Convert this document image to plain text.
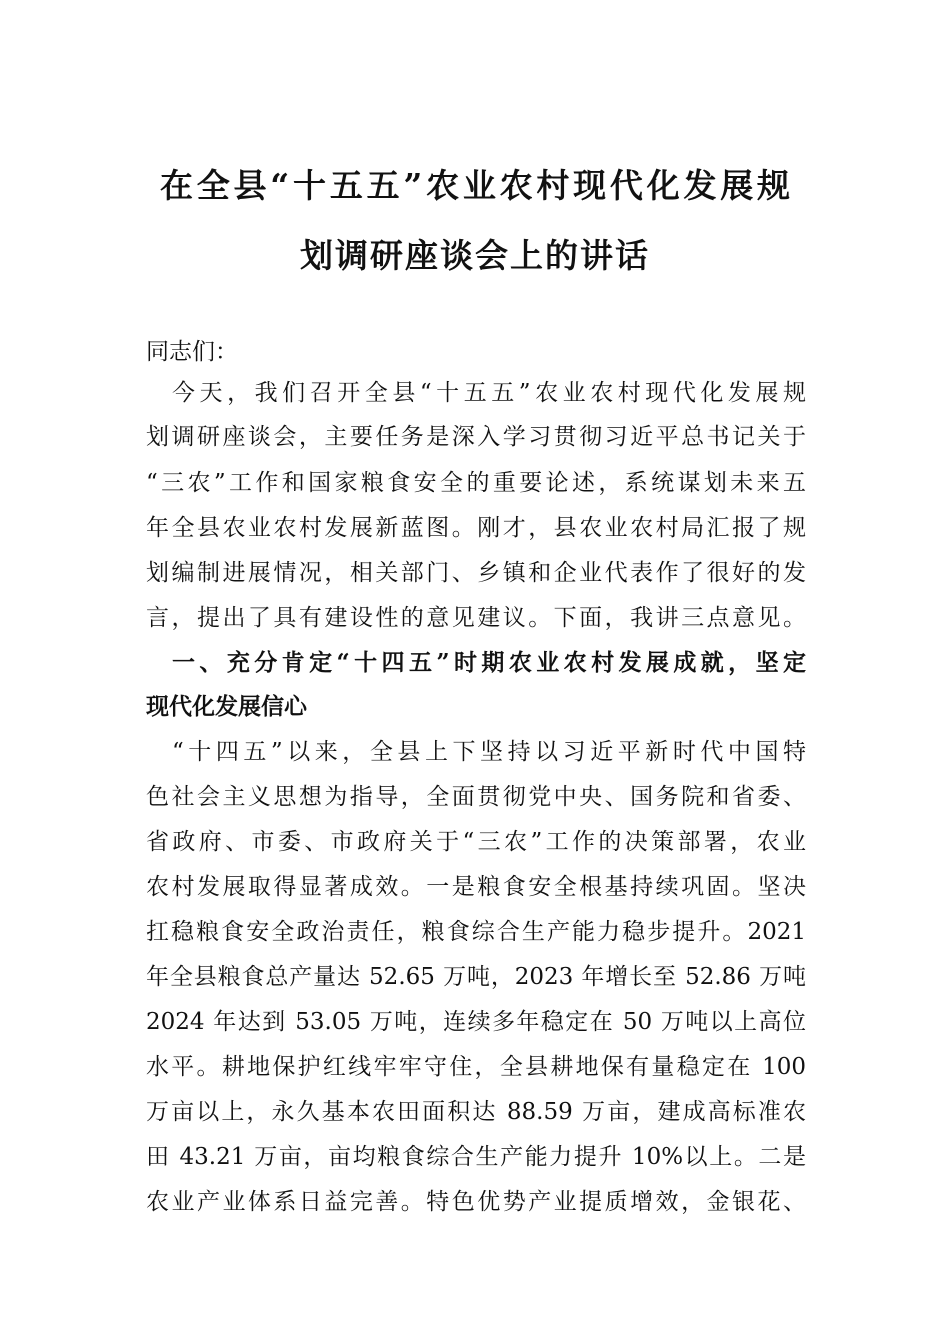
在全县“十五五”农业农村现代化发展规
划调研座谈会上的讲话
同志们：
今天，我们召开全县“十五五”农业农村现代化发展规
划调研座谈会，主要任务是深入学习贯彻习近平总书记关于
“三农”工作和国家粮食安全的重要论述，系统谋划未来五
年全县农业农村发展新蓝图。刚才，县农业农村局汇报了规
划编制进展情况，相关部门、乡镇和企业代表作了很好的发
言，提出了具有建设性的意见建议。下面，我讲三点意见。
一、充分肯定“十四五”时期农业农村发展成就，坚定
现代化发展信心
“十四五”以来，全县上下坚持以习近平新时代中国特
色社会主义思想为指导，全面贯彻党中央、国务院和省委、
省政府、市委、市政府关于“三农”工作的决策部署，农业
农村发展取得显著成效。一是粮食安全根基持续巩固。坚决
扛稳粮食安全政治责任，粮食综合生产能力稳步提升。2021
年全县粮食总产量达 52.65 万吨，2023 年增长至 52.86 万吨
2024 年达到 53.05 万吨，连续多年稳定在 50 万吨以上高位
水平。耕地保护红线牢牢守住，全县耕地保有量稳定在 100
万亩以上，永久基本农田面积达 88.59 万亩，建成高标准农
田 43.21 万亩，亩均粮食综合生产能力提升 10%以上。二是
农业产业体系日益完善。特色优势产业提质增效，金银花、
